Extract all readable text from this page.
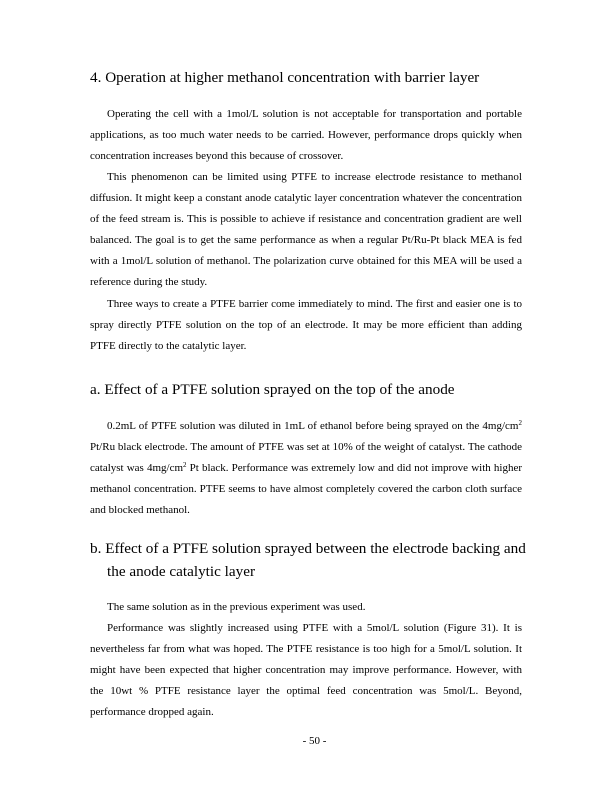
4. Operation at higher methanol concentration with barrier layer

Operating the cell with a 1mol/L solution is not acceptable for transportation and portable applications, as too much water needs to be carried. However, performance drops quickly when concentration increases beyond this because of crossover.

This phenomenon can be limited using PTFE to increase electrode resistance to methanol diffusion. It might keep a constant anode catalytic layer concentration whatever the concentration of the feed stream is. This is possible to achieve if resistance and concentration gradient are well balanced. The goal is to get the same performance as when a regular Pt/Ru-Pt black MEA is fed with a 1mol/L solution of methanol. The polarization curve obtained for this MEA will be used a reference during the study.

Three ways to create a PTFE barrier come immediately to mind. The first and easier one is to spray directly PTFE solution on the top of an electrode. It may be more efficient than adding PTFE directly to the catalytic layer.

a. Effect of a PTFE solution sprayed on the top of the anode

0.2mL of PTFE solution was diluted in 1mL of ethanol before being sprayed on the $4mg/cm^2$ Pt/Ru black electrode. The amount of PTFE was set at 10% of the weight of catalyst. The cathode catalyst was $4mg/cm^2$ Pt black. Performance was extremely low and did not improve with higher methanol concentration. PTFE seems to have almost completely covered the carbon cloth surface and blocked methanol.

b. Effect of a PTFE solution sprayed between the electrode backing and the anode catalytic layer

The same solution as in the previous experiment was used.

Performance was slightly increased using PTFE with a 5mol/L solution (Figure 31). It is nevertheless far from what was hoped. The PTFE resistance is too high for a 5mol/L solution. It might have been expected that higher concentration may improve performance. However, with the 10wt % PTFE resistance layer the optimal feed concentration was 5mol/L. Beyond, performance dropped again.

- 50 -
